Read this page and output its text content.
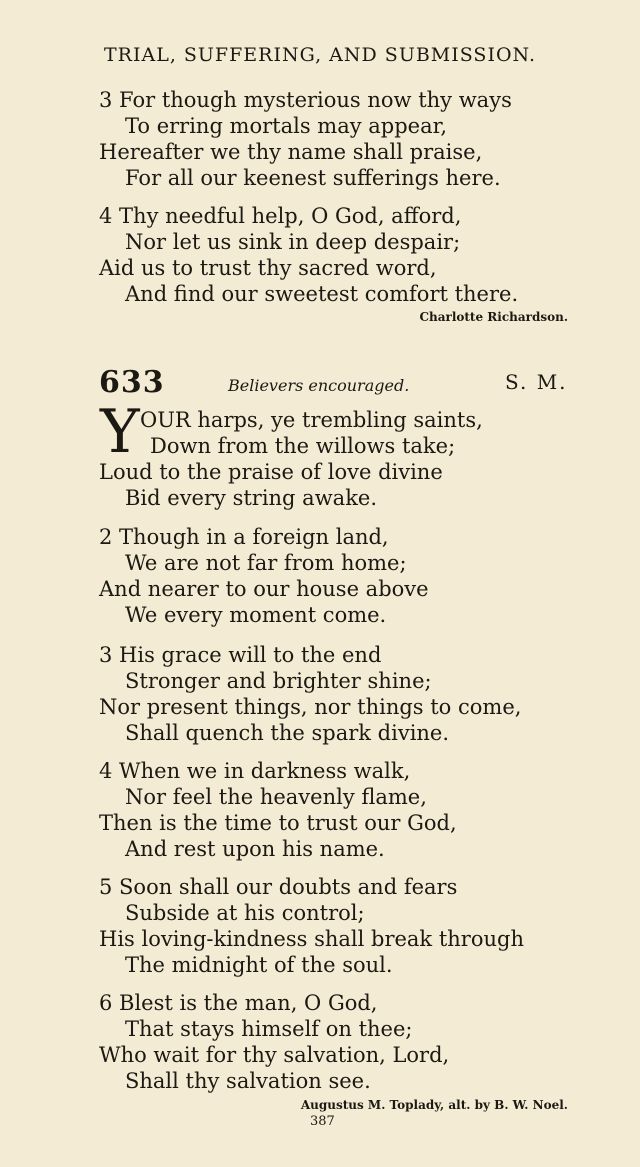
TRIAL, SUFFERING, AND SUBMISSION.
3 For though mysterious now thy ways
To erring mortals may appear,
Hereafter we thy name shall praise,
For all our keenest sufferings here.
4 Thy needful help, O God, afford,
Nor let us sink in deep despair;
Aid us to trust thy sacred word,
And find our sweetest comfort there.
Charlotte Richardson.
633	Believers encouraged.	S. M.
Y OUR harps, ye trembling saints,
Down from the willows take;
Loud to the praise of love divine
Bid every string awake.
2 Though in a foreign land,
We are not far from home;
And nearer to our house above
We every moment come.
3 His grace will to the end
Stronger and brighter shine;
Nor present things, nor things to come,
Shall quench the spark divine.
4 When we in darkness walk,
Nor feel the heavenly flame,
Then is the time to trust our God,
And rest upon his name.
5 Soon shall our doubts and fears
Subside at his control;
His loving-kindness shall break through
The midnight of the soul.
6 Blest is the man, O God,
That stays himself on thee;
Who wait for thy salvation, Lord,
Shall thy salvation see.
Augustus M. Toplady, alt. by B. W. Noel.
387
